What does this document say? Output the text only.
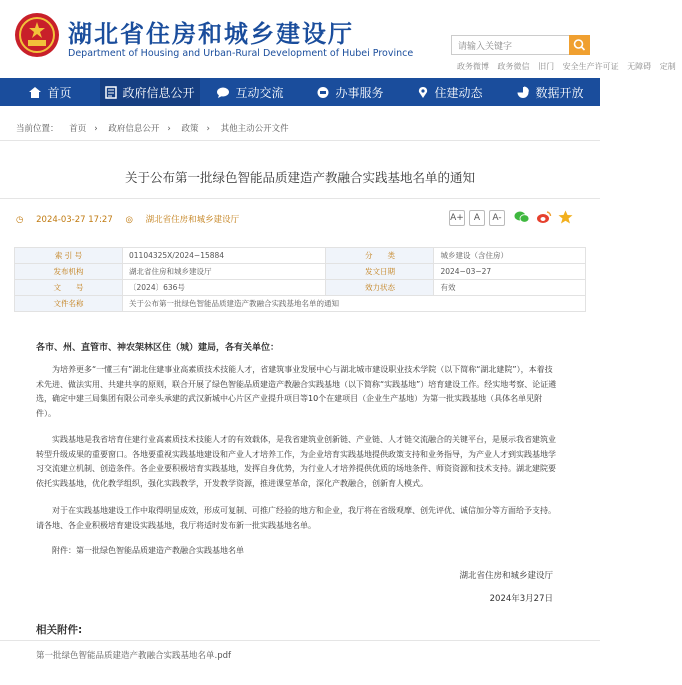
湖北省住房和城乡建设厅
Department of Housing and Urban-Rural Development of Hubei Province
请输入关键字
政务微博 政务微信 旧门 安全生产许可证 无障碍 定制
首页	政府信息公开	互动交流	办事服务	住建动态	数据开放
当前位置： 首页 › 政府信息公开 › 政策 › 其他主动公开文件
关于公布第一批绿色智能品质建造产教融合实践基地名单的通知
◷ 2024-03-27 17:27 ◎ 湖北省住房和城乡建设厅	A+	A	A-
索 引 号	01104325X/2024−15884	分　　类	城乡建设（含住房）
发布机构	湖北省住房和城乡建设厅	发文日期	2024−03−27
文　　号	〔2024〕636号	效力状态	有效
文件名称	关于公布第一批绿色智能品质建造产教融合实践基地名单的通知		
各市、州、直管市、神农架林区住（城）建局，各有关单位：
为培养更多“一懂三有”湖北住建事业高素质技术技能人才，省建筑事业发展中心与湖北城市建设职业技术学院（以下简称“湖北建院”），本着技术先进、做法实用、共建共享的原则，联合开展了绿色智能品质建造产教融合实践基地（以下简称“实践基地”）培育建设工作。经实地考察、论证遴选，确定中建三局集团有限公司牵头承建的武汉新城中心片区产业提升项目等10个在建项目（企业生产基地）为第一批实践基地（具体名单见附件）。
实践基地是我省培育住建行业高素质技术技能人才的有效载体，是我省建筑业创新链、产业链、人才链交流融合的关键平台，是展示我省建筑业转型升级成果的重要窗口。各地要重视实践基地建设和产业人才培养工作，为企业培育实践基地提供政策支持和业务指导，为产业人才到实践基地学习交流建立机制、创造条件。各企业要积极培育实践基地，发挥自身优势，为行业人才培养提供优质的场地条件、师资资源和技术支持。湖北建院要依托实践基地，优化教学组织，强化实践教学，开发教学资源，推进课堂革命，深化产教融合，创新育人模式。
对于在实践基地建设工作中取得明显成效，形成可复制、可推广经验的地方和企业，我厅将在省级观摩、创先评优、诚信加分等方面给予支持。请各地、各企业积极培育建设实践基地，我厅将适时发布新一批实践基地名单。
附件：第一批绿色智能品质建造产教融合实践基地名单
湖北省住房和城乡建设厅
2024年3月27日
相关附件:
第一批绿色智能品质建造产教融合实践基地名单.pdf
